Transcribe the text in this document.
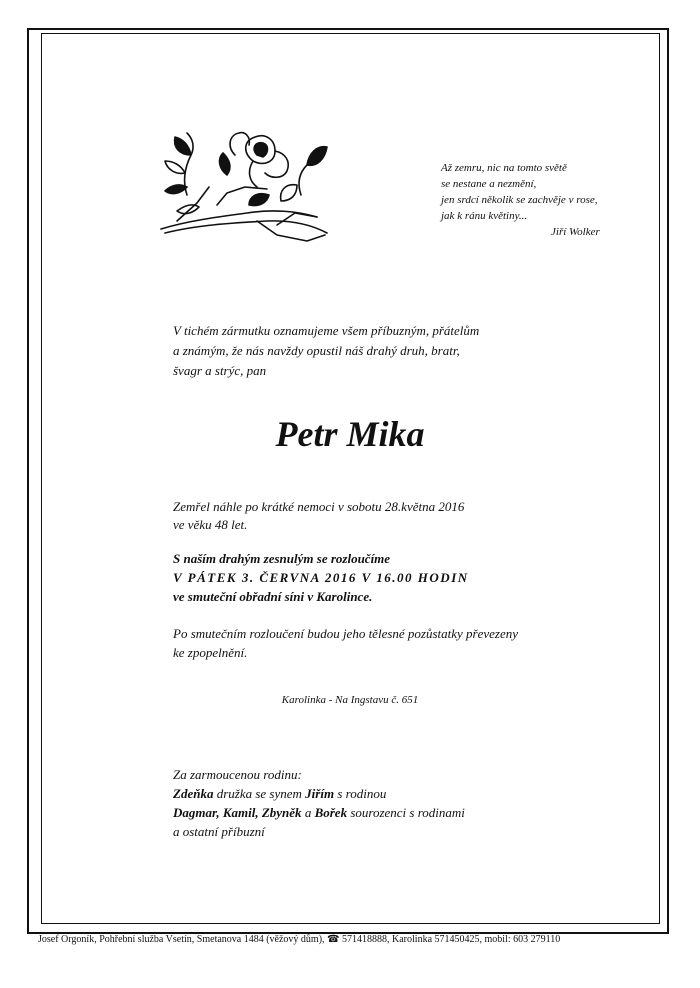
Až zemru, nic na tomto světě
se nestane a nezmění,
jen srdcí několik se zachvěje v rose,
jak k ránu květiny...
Jiří Wolker
V tichém zármutku oznamujeme všem příbuzným, přátelům
a známým, že nás navždy opustil náš drahý druh, bratr,
švagr a strýc, pan
Petr Mika
Zemřel náhle po krátké nemoci v sobotu 28.května 2016
ve věku 48 let.
S naším drahým zesnulým se rozloučíme
V PÁTEK 3. ČERVNA 2016 V 16.00 HODIN
ve smuteční obřadní síni v Karolince.
Po smutečním rozloučení budou jeho tělesné pozůstatky převezeny
ke zpopelnění.
Karolinka - Na Ingstavu č. 651
Za zarmoucenou rodinu:
Zdeňka družka se synem Jiřím s rodinou
Dagmar, Kamil, Zbyněk a Bořek sourozenci s rodinami
a ostatní příbuzní
Josef Orgoník, Pohřební služba Vsetín, Smetanova 1484 (věžový dům), ☎ 571418888, Karolinka 571450425, mobil: 603 279110
